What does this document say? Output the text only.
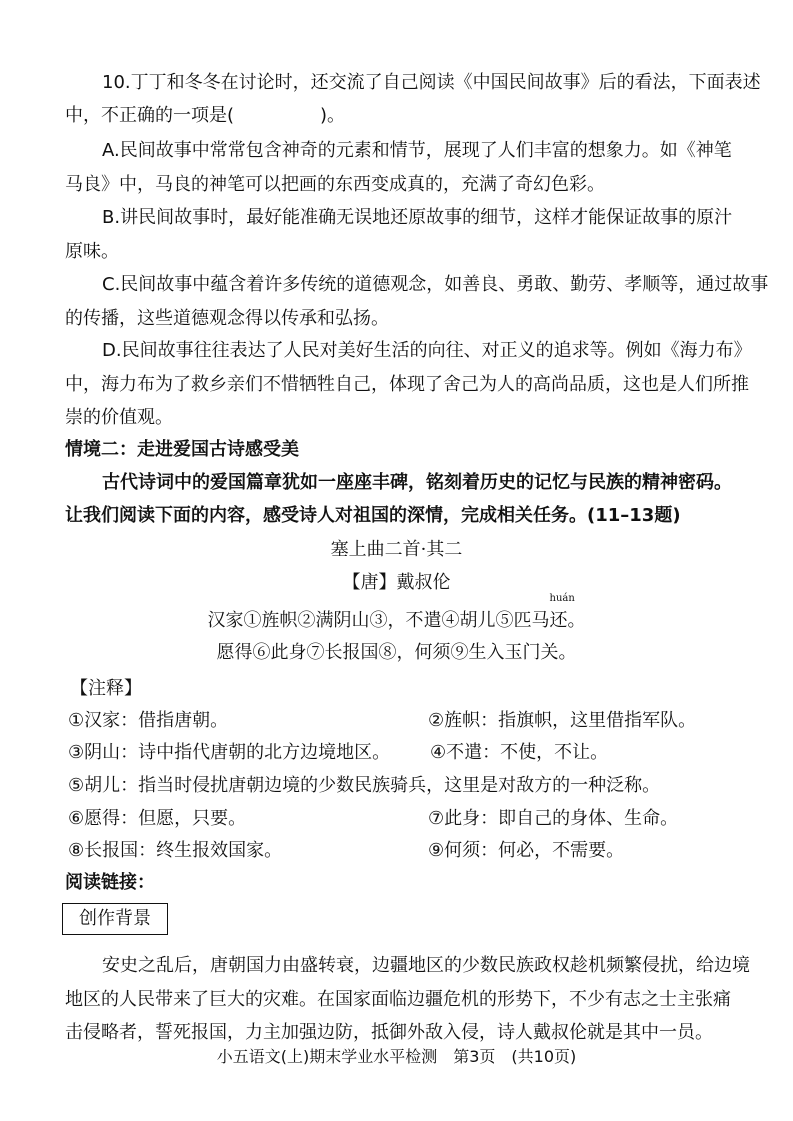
10.丁丁和冬冬在讨论时，还交流了自己阅读《中国民间故事》后的看法，下面表述
中，不正确的一项是(	)。
A.民间故事中常常包含神奇的元素和情节，展现了人们丰富的想象力。如《神笔
马良》中，马良的神笔可以把画的东西变成真的，充满了奇幻色彩。
B.讲民间故事时，最好能准确无误地还原故事的细节，这样才能保证故事的原汁
原味。
C.民间故事中蕴含着许多传统的道德观念，如善良、勇敢、勤劳、孝顺等，通过故事
的传播，这些道德观念得以传承和弘扬。
D.民间故事往往表达了人民对美好生活的向往、对正义的追求等。例如《海力布》
中，海力布为了救乡亲们不惜牺牲自己，体现了舍己为人的高尚品质，这也是人们所推
崇的价值观。
情境二：走进爱国古诗感受美
古代诗词中的爱国篇章犹如一座座丰碑，铭刻着历史的记忆与民族的精神密码。
让我们阅读下面的内容，感受诗人对祖国的深情，完成相关任务。(11–13题)
塞上曲二首·其二
【唐】戴叔伦
汉家①旌帜②满阴山③，不遣④胡儿⑤匹马
huán
还。
愿得⑥此身⑦长报国⑧，何须⑨生入玉门关。
【注释】
①汉家：借指唐朝。	②旌帜：指旗帜，这里借指军队。
③阴山：诗中指代唐朝的北方边境地区。 ④不遣：不使，不让。
⑤胡儿：指当时侵扰唐朝边境的少数民族骑兵，这里是对敌方的一种泛称。
⑥愿得：但愿，只要。	⑦此身：即自己的身体、生命。
⑧长报国：终生报效国家。	⑨何须：何必，不需要。
阅读链接：
创作背景
安史之乱后，唐朝国力由盛转衰，边疆地区的少数民族政权趁机频繁侵扰，给边境
地区的人民带来了巨大的灾难。在国家面临边疆危机的形势下，不少有志之士主张痛
击侵略者，誓死报国，力主加强边防，抵御外敌入侵，诗人戴叔伦就是其中一员。
小五语文(上)期末学业水平检测　第3页　(共10页)
